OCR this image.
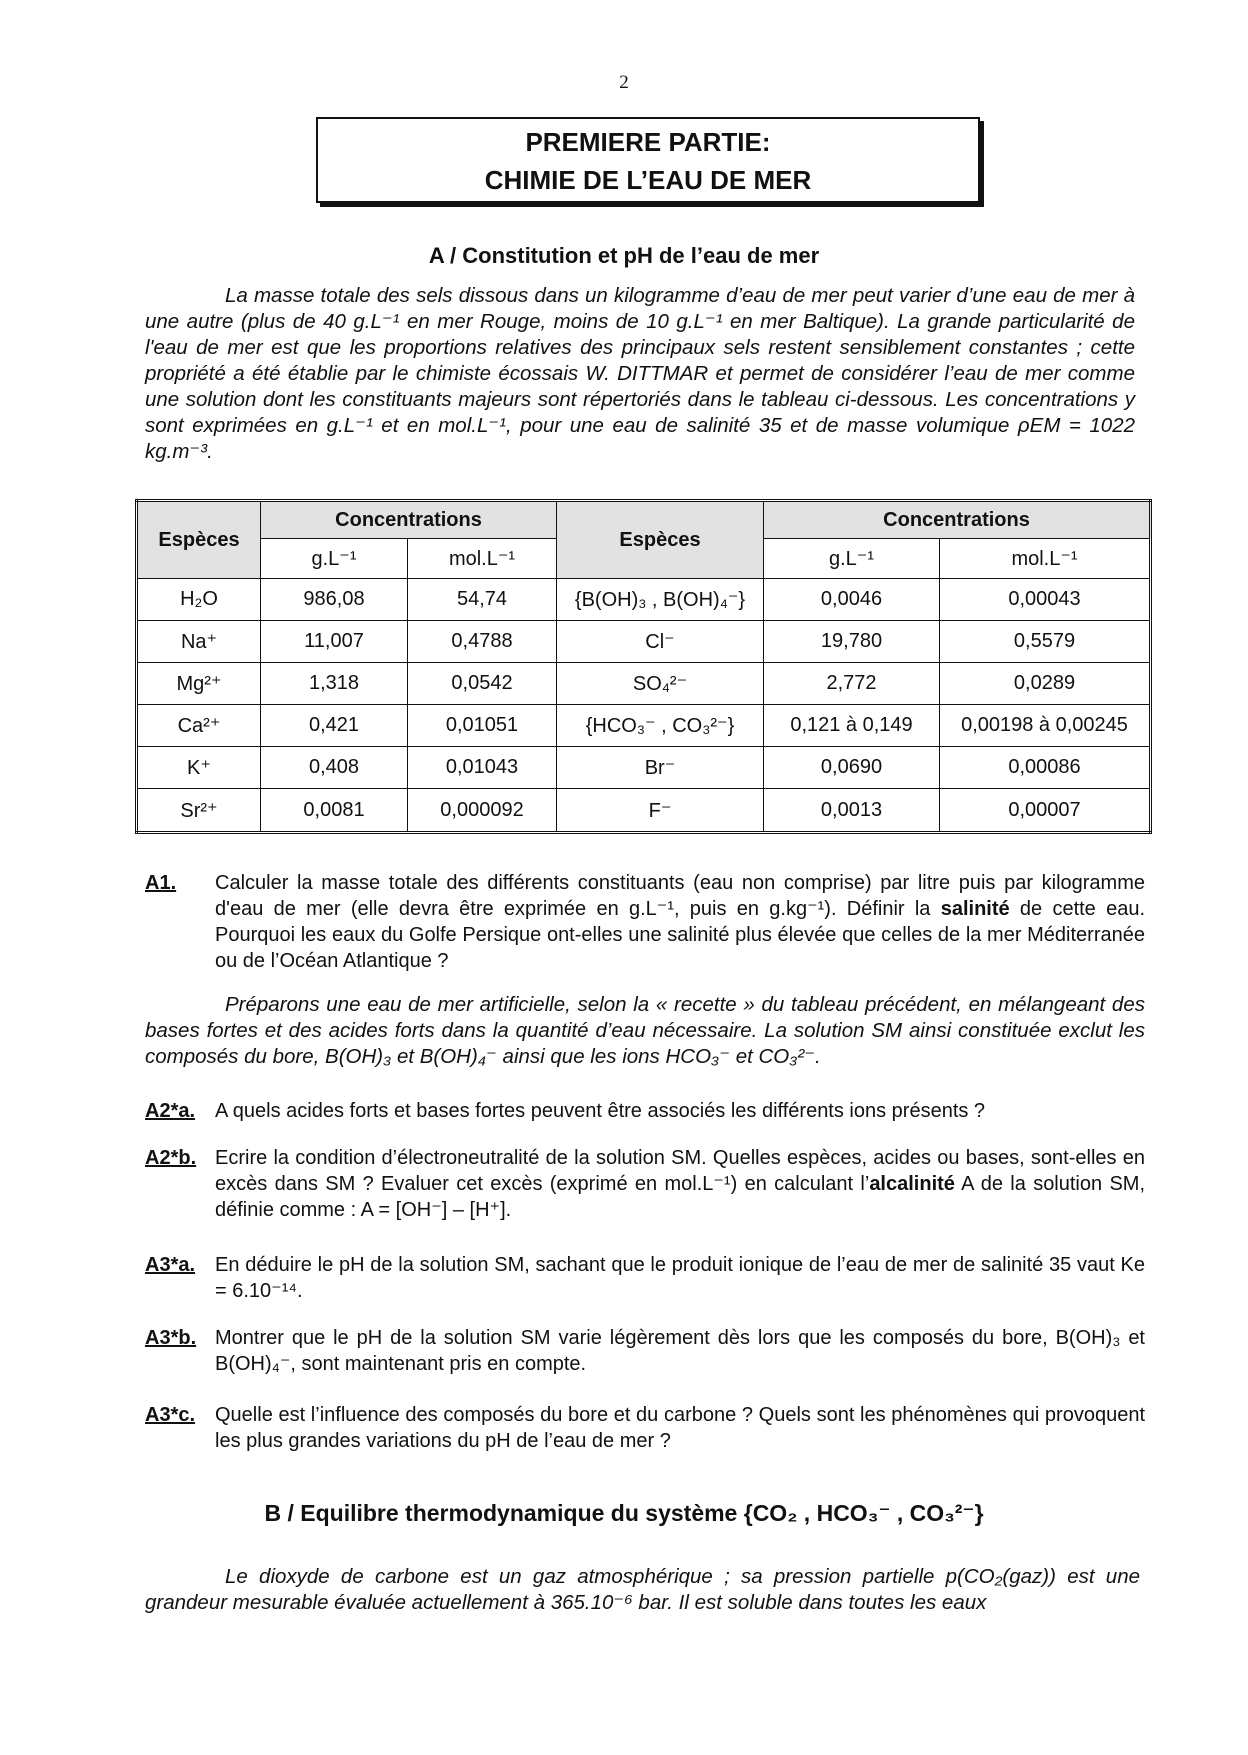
2
PREMIERE PARTIE:
CHIMIE DE L’EAU DE MER
A / Constitution et pH de l’eau de mer

La masse totale des sels dissous dans un kilogramme d’eau de mer peut varier d’une eau de mer à une autre (plus de 40 g.L⁻¹ en mer Rouge, moins de 10 g.L⁻¹ en mer Baltique). La grande particularité de l'eau de mer est que les proportions relatives des principaux sels restent sensiblement constantes ; cette propriété a été établie par le chimiste écossais W. DITTMAR et permet de considérer l’eau de mer comme une solution dont les constituants majeurs sont répertoriés dans le tableau ci-dessous. Les concentrations y sont exprimées en g.L⁻¹ et en mol.L⁻¹, pour une eau de salinité 35 et de masse volumique ρEM = 1022 kg.m⁻³.

Espèces	Concentrations		Espèces	Concentrations	
	g.L⁻¹	mol.L⁻¹		g.L⁻¹	mol.L⁻¹
H₂O	986,08	54,74	{B(OH)₃ , B(OH)₄⁻}	0,0046	0,00043
Na⁺	11,007	0,4788	Cl⁻	19,780	0,5579
Mg²⁺	1,318	0,0542	SO₄²⁻	2,772	0,0289
Ca²⁺	0,421	0,01051	{HCO₃⁻ , CO₃²⁻}	0,121 à 0,149	0,00198 à 0,00245
K⁺	0,408	0,01043	Br⁻	0,0690	0,00086
Sr²⁺	0,0081	0,000092	F⁻	0,0013	0,00007
A1. Calculer la masse totale des différents constituants (eau non comprise) par litre puis par kilogramme d'eau de mer (elle devra être exprimée en g.L⁻¹, puis en g.kg⁻¹). Définir la salinité de cette eau. Pourquoi les eaux du Golfe Persique ont-elles une salinité plus élevée que celles de la mer Méditerranée ou de l’Océan Atlantique ?

Préparons une eau de mer artificielle, selon la « recette » du tableau précédent, en mélangeant des bases fortes et des acides forts dans la quantité d’eau nécessaire. La solution SM ainsi constituée exclut les composés du bore, B(OH)₃ et B(OH)₄⁻ ainsi que les ions HCO₃⁻ et CO₃²⁻.

A2*a. A quels acides forts et bases fortes peuvent être associés les différents ions présents ?
A2*b. Ecrire la condition d’électroneutralité de la solution SM. Quelles espèces, acides ou bases, sont-elles en excès dans SM ? Evaluer cet excès (exprimé en mol.L⁻¹) en calculant l’alcalinité A de la solution SM, définie comme : A = [OH⁻] – [H⁺].
A3*a. En déduire le pH de la solution SM, sachant que le produit ionique de l’eau de mer de salinité 35 vaut Ke = 6.10⁻¹⁴.
A3*b. Montrer que le pH de la solution SM varie légèrement dès lors que les composés du bore, B(OH)₃ et B(OH)₄⁻, sont maintenant pris en compte.
A3*c. Quelle est l’influence des composés du bore et du carbone ? Quels sont les phénomènes qui provoquent les plus grandes variations du pH de l’eau de mer ?
B / Equilibre thermodynamique du système {CO₂ , HCO₃⁻ , CO₃²⁻}

Le dioxyde de carbone est un gaz atmosphérique ; sa pression partielle p(CO₂(gaz)) est une grandeur mesurable évaluée actuellement à 365.10⁻⁶ bar. Il est soluble dans toutes les eaux
